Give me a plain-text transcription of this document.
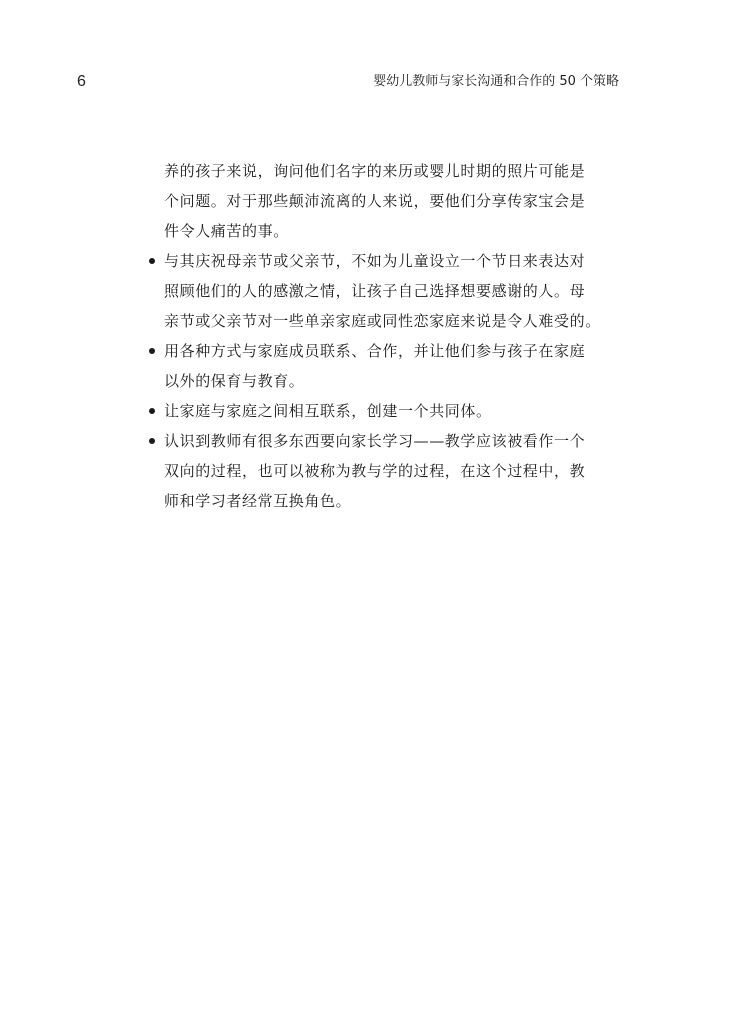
6	婴幼儿教师与家长沟通和合作的 50 个策略

养的孩子来说，询问他们名字的来历或婴儿时期的照片可能是
个问题。对于那些颠沛流离的人来说，要他们分享传家宝会是
件令人痛苦的事。

与其庆祝母亲节或父亲节，不如为儿童设立一个节日来表达对
照顾他们的人的感激之情，让孩子自己选择想要感谢的人。母
亲节或父亲节对一些单亲家庭或同性恋家庭来说是令人难受的。
用各种方式与家庭成员联系、合作，并让他们参与孩子在家庭
以外的保育与教育。
让家庭与家庭之间相互联系，创建一个共同体。
认识到教师有很多东西要向家长学习——教学应该被看作一个
双向的过程，也可以被称为教与学的过程，在这个过程中，教
师和学习者经常互换角色。
